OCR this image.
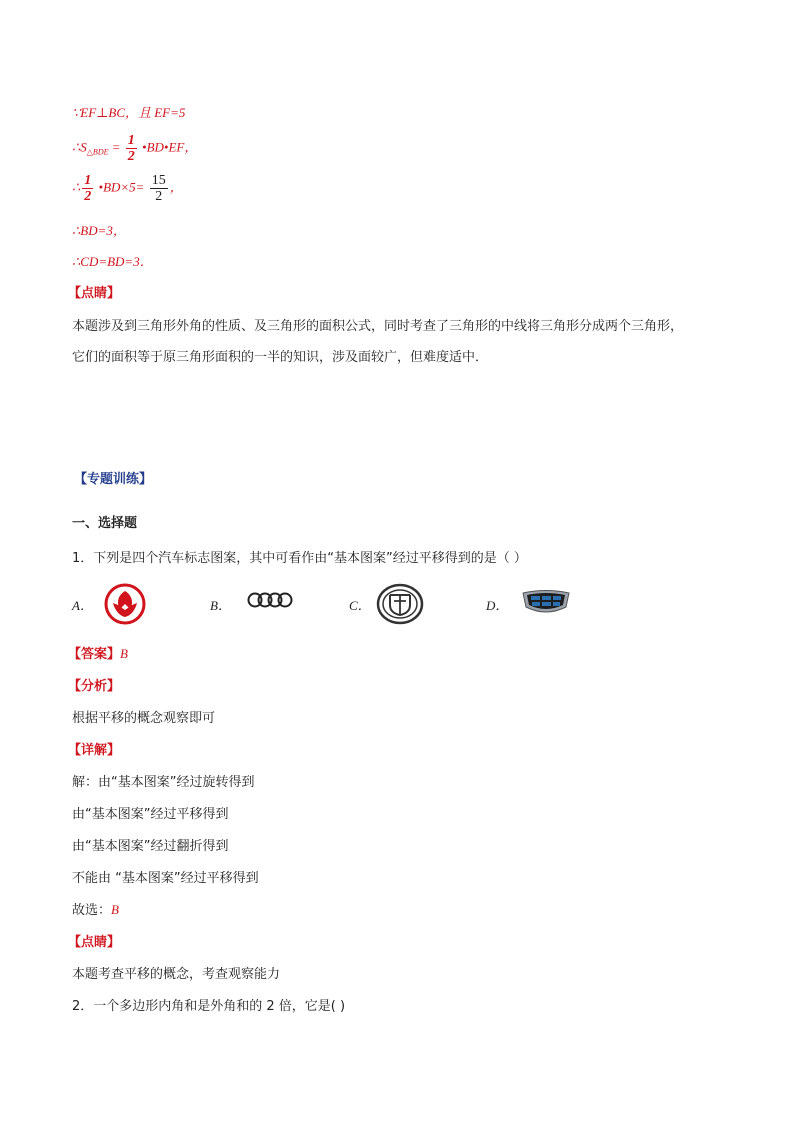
∵EF⊥BC，且 EF=5
$\therefore S_{\triangle BDE} = \frac{1}{2}$ •BD•EF，
∴ $\frac{1}{2}$ •BD×5= $\frac{15}{2}$ ，
∴BD=3，
∴CD=BD=3．
【点睛】
本题涉及到三角形外角的性质、及三角形的面积公式，同时考查了三角形的中线将三角形分成两个三角形，
它们的面积等于原三角形面积的一半的知识，涉及面较广，但难度适中．
【专题训练】
一、选择题
1．下列是四个汽车标志图案，其中可看作由“基本图案”经过平移得到的是（ ）
A．	B．	C．	D．
【答案】B
【分析】
根据平移的概念观察即可
【详解】
解：由“基本图案”经过旋转得到
由“基本图案”经过平移得到
由“基本图案”经过翻折得到
不能由 “基本图案”经过平移得到
故选：B
【点睛】
本题考查平移的概念，考查观察能力
2．一个多边形内角和是外角和的 2 倍，它是( )
